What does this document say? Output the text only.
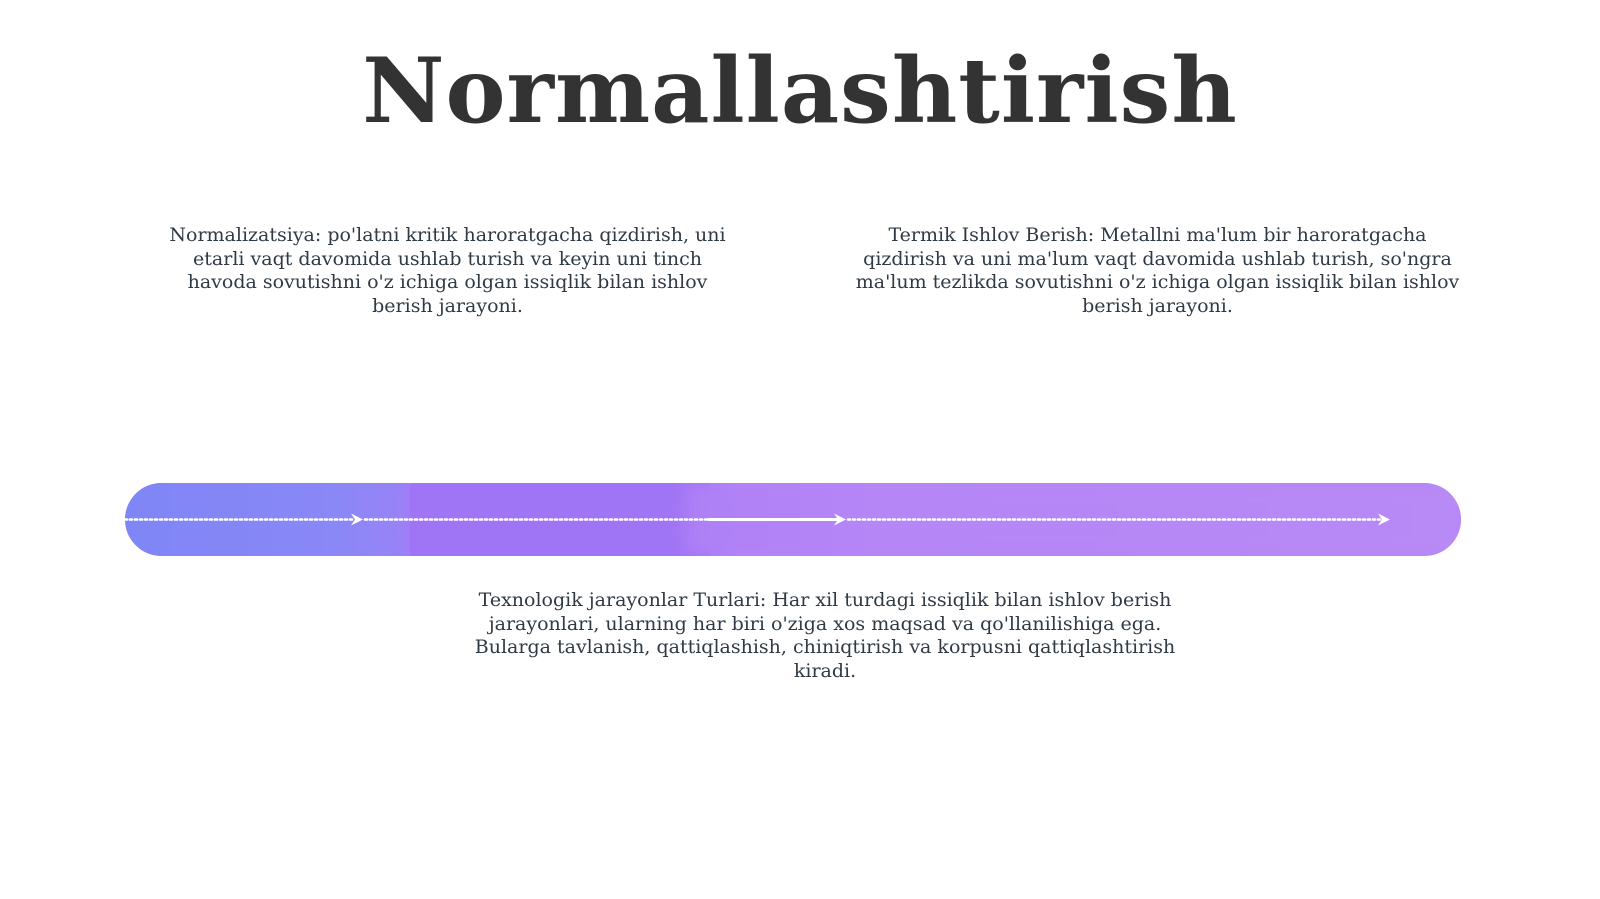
Normallashtirish

Normalizatsiya: po'latni kritik haroratgacha qizdirish, uni etarli vaqt davomida ushlab turish va keyin uni tinch havoda sovutishni o'z ichiga olgan issiqlik bilan ishlov berish jarayoni.

Termik Ishlov Berish: Metallni ma'lum bir haroratgacha qizdirish va uni ma'lum vaqt davomida ushlab turish, so'ngra ma'lum tezlikda sovutishni o'z ichiga olgan issiqlik bilan ishlov berish jarayoni.

Texnologik jarayonlar Turlari: Har xil turdagi issiqlik bilan ishlov berish jarayonlari, ularning har biri o'ziga xos maqsad va qo'llanilishiga ega. Bularga tavlanish, qattiqlashish, chiniqtirish va korpusni qattiqlashtirish kiradi.
